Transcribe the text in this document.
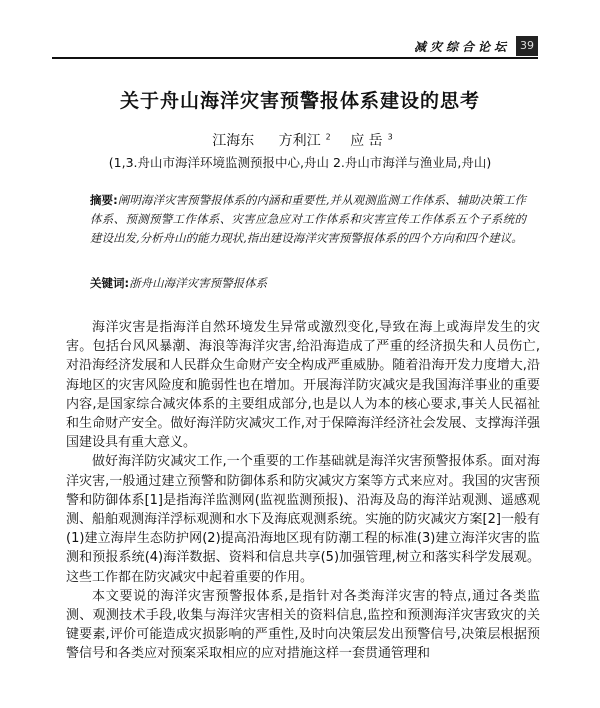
减灾综合论坛 39
关于舟山海洋灾害预警报体系建设的思考
江海东 方利江 $^2$ 应 岳 $^3$
(1,3.舟山市海洋环境监测预报中心,舟山 2.舟山市海洋与渔业局,舟山)
摘要:阐明海洋灾害预警报体系的内涵和重要性,并从观测监测工作体系、辅助决策工作体系、预测预警工作体系、灾害应急应对工作体系和灾害宣传工作体系五个子系统的建设出发,分析舟山的能力现状,指出建设海洋灾害预警报体系的四个方向和四个建议。
关键词:浙舟山海洋灾害预警报体系

海洋灾害是指海洋自然环境发生异常或激烈变化,导致在海上或海岸发生的灾害。包括台风风暴潮、海浪等海洋灾害,给沿海造成了严重的经济损失和人员伤亡,对沿海经济发展和人民群众生命财产安全构成严重威胁。随着沿海开发力度增大,沿海地区的灾害风险度和脆弱性也在增加。开展海洋防灾减灾是我国海洋事业的重要内容,是国家综合减灾体系的主要组成部分,也是以人为本的核心要求,事关人民福祉和生命财产安全。做好海洋防灾减灾工作,对于保障海洋经济社会发展、支撑海洋强国建设具有重大意义。

做好海洋防灾减灾工作,一个重要的工作基础就是海洋灾害预警报体系。面对海洋灾害,一般通过建立预警和防御体系和防灾减灾方案等方式来应对。我国的灾害预警和防御体系[1]是指海洋监测网(监视监测预报)、沿海及岛的海洋站观测、遥感观测、船舶观测海洋浮标观测和水下及海底观测系统。实施的防灾减灾方案[2]一般有(1)建立海岸生态防护网(2)提高沿海地区现有防潮工程的标准(3)建立海洋灾害的监测和预报系统(4)海洋数据、资料和信息共享(5)加强管理,树立和落实科学发展观。这些工作都在防灾减灾中起着重要的作用。

本文要说的海洋灾害预警报体系,是指针对各类海洋灾害的特点,通过各类监测、观测技术手段,收集与海洋灾害相关的资料信息,监控和预测海洋灾害致灾的关键要素,评价可能造成灾损影响的严重性,及时向决策层发出预警信号,决策层根据预警信号和各类应对预案采取相应的应对措施这样一套贯通管理和
